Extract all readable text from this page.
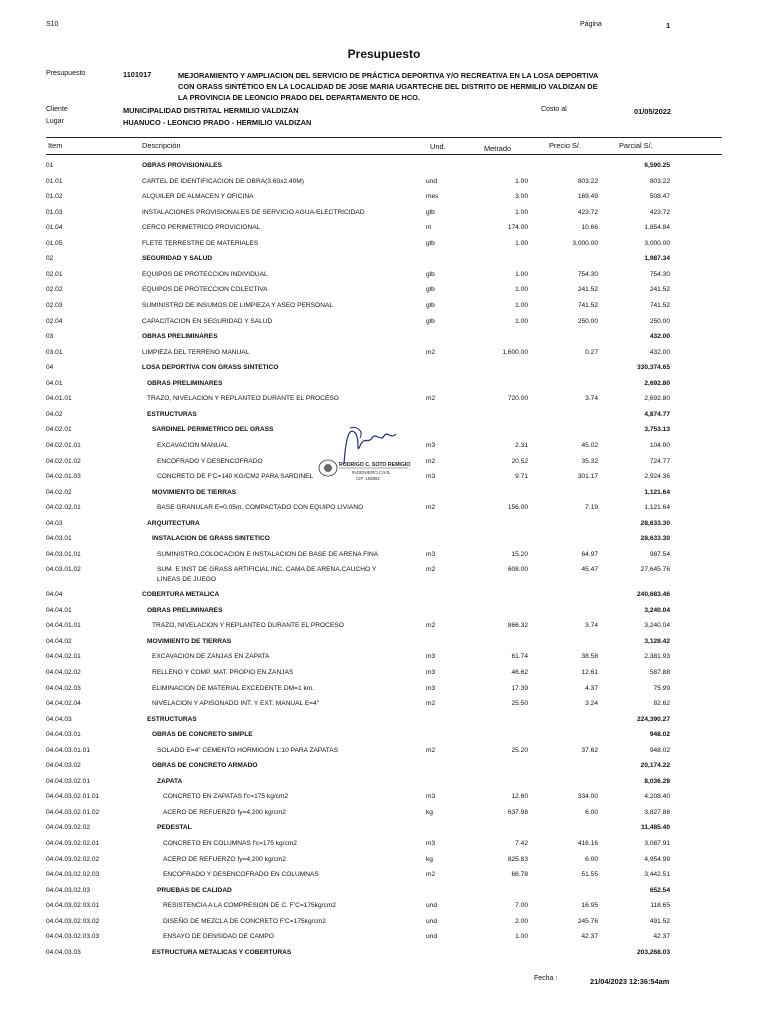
S10	Página	1
Presupuesto
Presupuesto	1101017	MEJORAMIENTO Y AMPLIACION DEL SERVICIO DE PRÁCTICA DEPORTIVA Y/O RECREATIVA EN LA LOSA DEPORTIVA CON GRASS SINTÉTICO EN LA LOCALIDAD DE JOSE MARIA UGARTECHE DEL DISTRITO DE HERMILIO VALDIZAN DE LA PROVINCIA DE LEONCIO PRADO DEL DEPARTAMENTO DE HCO.
Cliente	MUNICIPALIDAD DISTRITAL HERMILIO VALDIZAN	Costo al	01/05/2022
Lugar	HUANUCO - LEONCIO PRADO - HERMILIO VALDIZAN
Item	Descripción	Und.	Metrado	Precio S/.	Parcial S/.
01	OBRAS PROVISIONALES	6,590.25
01.01	CARTEL DE IDENTIFICACION DE OBRA(3.60x2.40M)	und	1.00	803.22	803.22
01.02	ALQUILER DE ALMACEN Y OFICINA	mes	3.00	169.49	508.47
01.03	INSTALACIONES PROVISIONALES DE SERVICIO AGUA-ELECTRICIDAD	glb	1.00	423.72	423.72
01.04	CERCO PERIMETRICO PROVICIONAL	m	174.00	10.66	1,854.84
01.05	FLETE TERRESTRE DE MATERIALES	glb	1.00	3,000.00	3,000.00
02	SEGURIDAD Y SALUD	1,987.34
02.01	EQUIPOS DE PROTECCION INDIVIDUAL	glb	1.00	754.30	754.30
02.02	EQUIPOS DE PROTECCION COLECTIVA	glb	1.00	241.52	241.52
02.03	SUMINISTRO DE INSUMOS DE LIMPIEZA Y ASEO PERSONAL	glb	1.00	741.52	741.52
02.04	CAPACITACION EN SEGURIDAD Y SALUD	glb	1.00	250.00	250.00
03	OBRAS PRELIMINARES	432.00
03.01	LIMPIEZA DEL TERRENO MANUAL	m2	1,600.00	0.27	432.00
04	LOSA DEPORTIVA CON GRASS SINTETICO	330,374.65
04.01	OBRAS PRELIMINARES	2,692.80
04.01.01	TRAZO, NIVELACION Y REPLANTEO DURANTE EL PROCESO	m2	720.00	3.74	2,692.80
04.02	ESTRUCTURAS	4,874.77
04.02.01	SARDINEL PERIMETRICO DEL GRASS	3,753.13
04.02.01.01	EXCAVACION MANUAL	m3	2.31	45.02	104.00
04.02.01.02	ENCOFRADO Y DESENCOFRADO	m2	20.52	35.32	724.77
04.02.01.03	CONCRETO DE F'C=140 KG/CM2 PARA SARDINEL	m3	9.71	301.17	2,924.36
04.02.02	MOVIMIENTO DE TIERRAS	1,121.64
04.02.02.01	BASE GRANULAR E=0.05m. COMPACTADO CON EQUIPO LIVIANO	m2	156.00	7.19	1,121.64
04.03	ARQUITECTURA	28,633.30
04.03.01	INSTALACION DE GRASS SINTETICO	28,633.30
04.03.01.01	SUMINISTRO,COLOCACION E INSTALACION DE BASE DE ARENA FINA	m3	15.20	64.97	987.54
04.03.01.02	SUM. E INST DE GRASS ARTIFICIAL INC. CAMA DE ARENA,CAUCHO Y LINEAS DE JUEGO
m2	608.00	45.47	27,645.76
04.04	COBERTURA METALICA	240,683.46
04.04.01	OBRAS PRELIMINARES	3,240.04
04.04.01.01	TRAZO, NIVELACION Y REPLANTEO DURANTE EL PROCESO	m2	866.32	3.74	3,240.04
04.04.02	MOVIMIENTO DE TIERRAS	3,128.42
04.04.02.01	EXCAVACION DE ZANJAS EN ZAPATA	m3	61.74	38.58	2,381.93
04.04.02.02	RELLENO Y COMP. MAT. PROPIO EN ZANJAS	m3	46.62	12.61	587.88
04.04.02.03	ELIMINACION DE MATERIAL EXCEDENTE DM=1 km.	m3	17.39	4.37	75.99
04.04.02.04	NIVELACION Y APISONADO INT. Y EXT. MANUAL E=4"	m2	25.50	3.24	82.62
04.04.03	ESTRUCTURAS	224,390.27
04.04.03.01	OBRAS DE CONCRETO SIMPLE	948.02
04.04.03.01.01	SOLADO E=4" CEMENTO HORMIGON 1:10 PARA ZAPATAS	m2	25.20	37.62	948.02
04.04.03.02	OBRAS DE CONCRETO ARMADO	20,174.22
04.04.03.02.01	ZAPATA	8,036.28
04.04.03.02.01.01	CONCRETO EN ZAPATAS f'c=175 kg/cm2	m3	12.60	334.00	4,208.40
04.04.03.02.01.02	ACERO DE REFUERZO fy=4,200 kg/cm2	kg	637.98	6.00	3,827.88
04.04.03.02.02	PEDESTAL	11,485.40
04.04.03.02.02.01	CONCRETO EN COLUMNAS f'c=175 kg/cm2	m3	7.42	416.16	3,087.91
04.04.03.02.02.02	ACERO DE REFUERZO fy=4,200 kg/cm2	kg	825.83	6.00	4,954.98
04.04.03.02.02.03	ENCOFRADO Y DESENCOFRADO EN COLUMNAS	m2	66.78	51.55	3,442.51
04.04.03.02.03	PRUEBAS DE CALIDAD	652.54
04.04.03.02.03.01	RESISTENCIA A LA COMPRESION DE C. F'C=175kg/cm2	und	7.00	16.95	118.65
04.04.03.02.03.02	DISEÑO DE MEZCLA DE CONCRETO F'C=175kg/cm2	und	2.00	245.76	491.52
04.04.03.02.03.03	ENSAYO DE DENSIDAD DE CAMPO	und	1.00	42.37	42.37
04.04.03.03	ESTRUCTURA METALICAS Y COBERTURAS	203,268.03
RODRIGO C. SOTO REMIGIO
INGENIERO CIVIL
CIP. 158882
Fecha :	21/04/2023 12:36:54am
